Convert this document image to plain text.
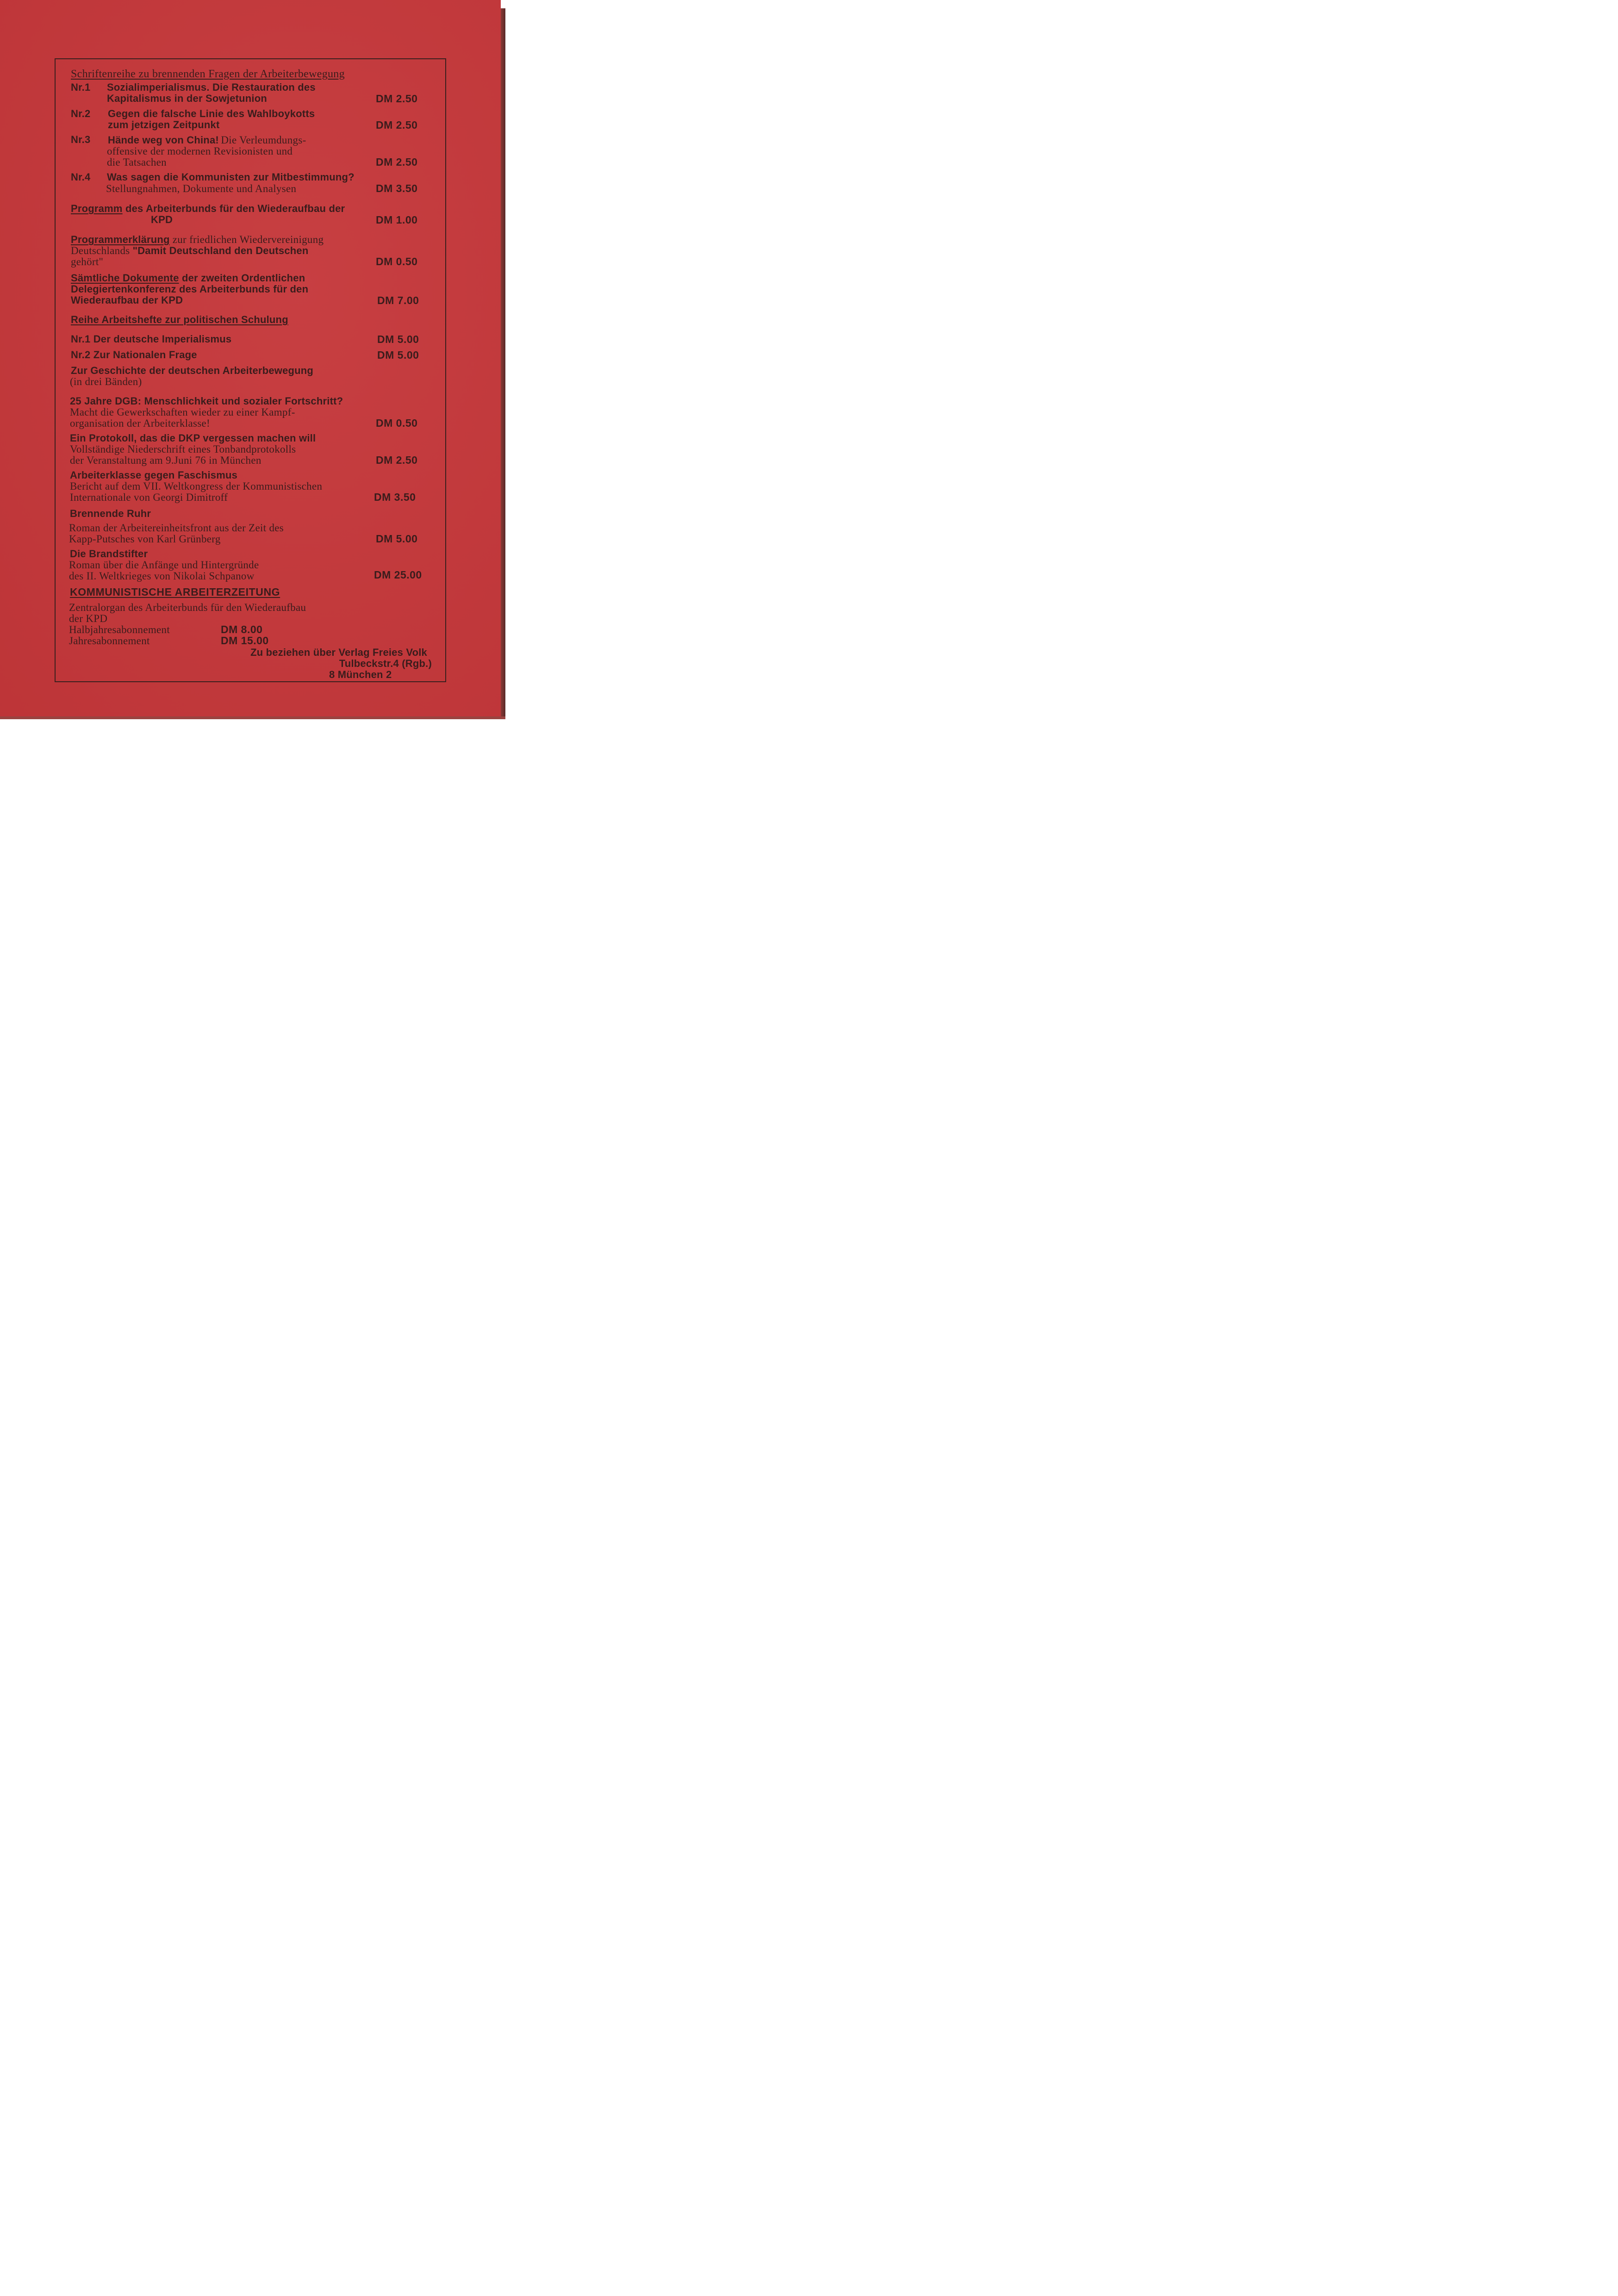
Schriftenreihe zu brennenden Fragen der Arbeiterbewegung
Nr.1 Sozialimperialismus. Die Restauration des
Kapitalismus in der Sowjetunion	DM 2.50
Nr.2 Gegen die falsche Linie des Wahlboykotts
zum jetzigen Zeitpunkt	DM 2.50
Nr.3 Hände weg von China! Die Verleumdungs-
offensive der modernen Revisionisten und
die Tatsachen	DM 2.50
Nr.4 Was sagen die Kommunisten zur Mitbestimmung?
Stellungnahmen, Dokumente und Analysen	DM 3.50
Programm des Arbeiterbunds für den Wiederaufbau der
KPD	DM 1.00
Programmerklärung zur friedlichen Wiedervereinigung
Deutschlands "Damit Deutschland den Deutschen
gehört"	DM 0.50
Sämtliche Dokumente der zweiten Ordentlichen
Delegiertenkonferenz des Arbeiterbunds für den
Wiederaufbau der KPD	DM 7.00
Reihe Arbeitshefte zur politischen Schulung
Nr.1 Der deutsche Imperialismus	DM 5.00
Nr.2 Zur Nationalen Frage	DM 5.00
Zur Geschichte der deutschen Arbeiterbewegung
(in drei Bänden)
25 Jahre DGB: Menschlichkeit und sozialer Fortschritt?
Macht die Gewerkschaften wieder zu einer Kampf-
organisation der Arbeiterklasse!	DM 0.50
Ein Protokoll, das die DKP vergessen machen will
Vollständige Niederschrift eines Tonbandprotokolls
der Veranstaltung am 9.Juni 76 in München	DM 2.50
Arbeiterklasse gegen Faschismus
Bericht auf dem VII. Weltkongress der Kommunistischen
Internationale von Georgi Dimitroff	DM 3.50
Brennende Ruhr
Roman der Arbeitereinheitsfront aus der Zeit des
Kapp-Putsches von Karl Grünberg	DM 5.00
Die Brandstifter
Roman über die Anfänge und Hintergründe
des II. Weltkrieges von Nikolai Schpanow	DM 25.00
KOMMUNISTISCHE ARBEITERZEITUNG
Zentralorgan des Arbeiterbunds für den Wiederaufbau
der KPD
Halbjahresabonnement	DM 8.00
Jahresabonnement	DM 15.00
Zu beziehen über Verlag Freies Volk
Tulbeckstr.4 (Rgb.)
8 München 2
